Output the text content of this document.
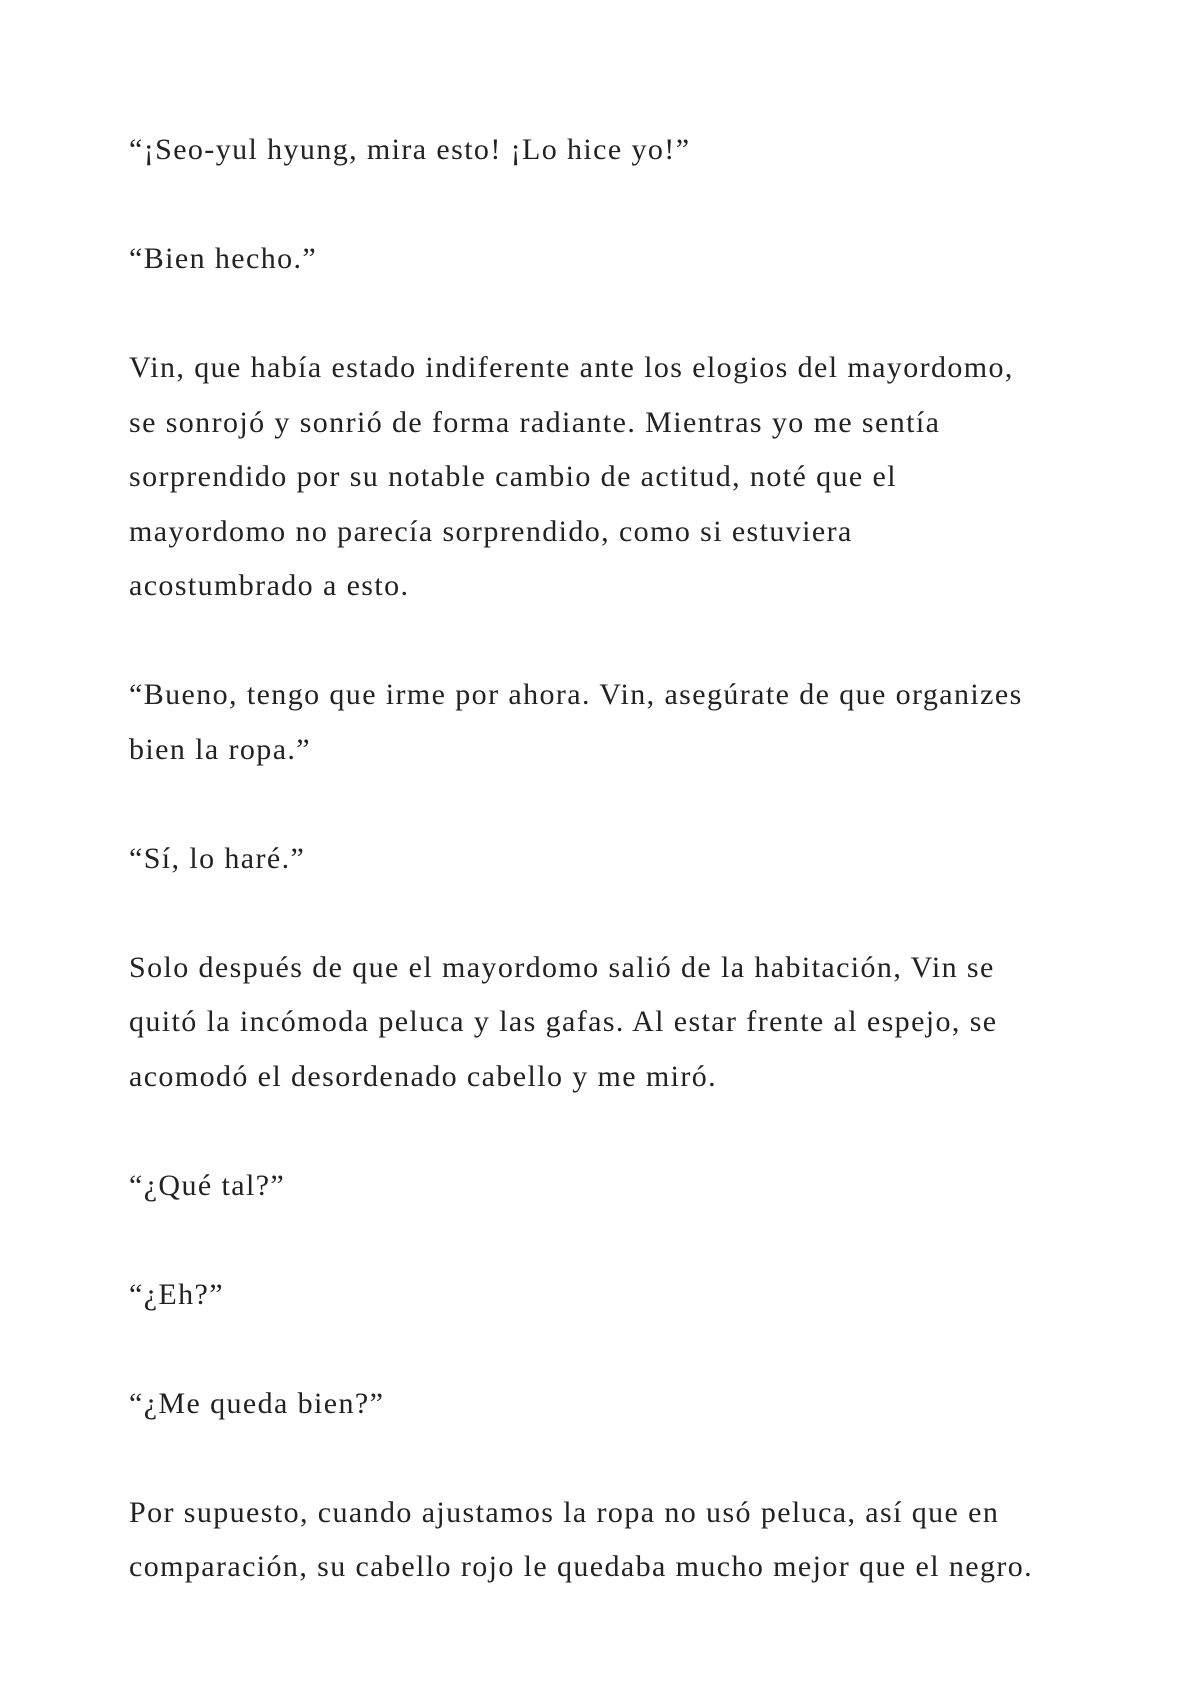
“¡Seo-yul hyung, mira esto! ¡Lo hice yo!”

“Bien hecho.”

Vin, que había estado indiferente ante los elogios del mayordomo,
se sonrojó y sonrió de forma radiante. Mientras yo me sentía
sorprendido por su notable cambio de actitud, noté que el
mayordomo no parecía sorprendido, como si estuviera
acostumbrado a esto.

“Bueno, tengo que irme por ahora. Vin, asegúrate de que organizes
bien la ropa.”

“Sí, lo haré.”

Solo después de que el mayordomo salió de la habitación, Vin se
quitó la incómoda peluca y las gafas. Al estar frente al espejo, se
acomodó el desordenado cabello y me miró.

“¿Qué tal?”

“¿Eh?”

“¿Me queda bien?”

Por supuesto, cuando ajustamos la ropa no usó peluca, así que en
comparación, su cabello rojo le quedaba mucho mejor que el negro.
